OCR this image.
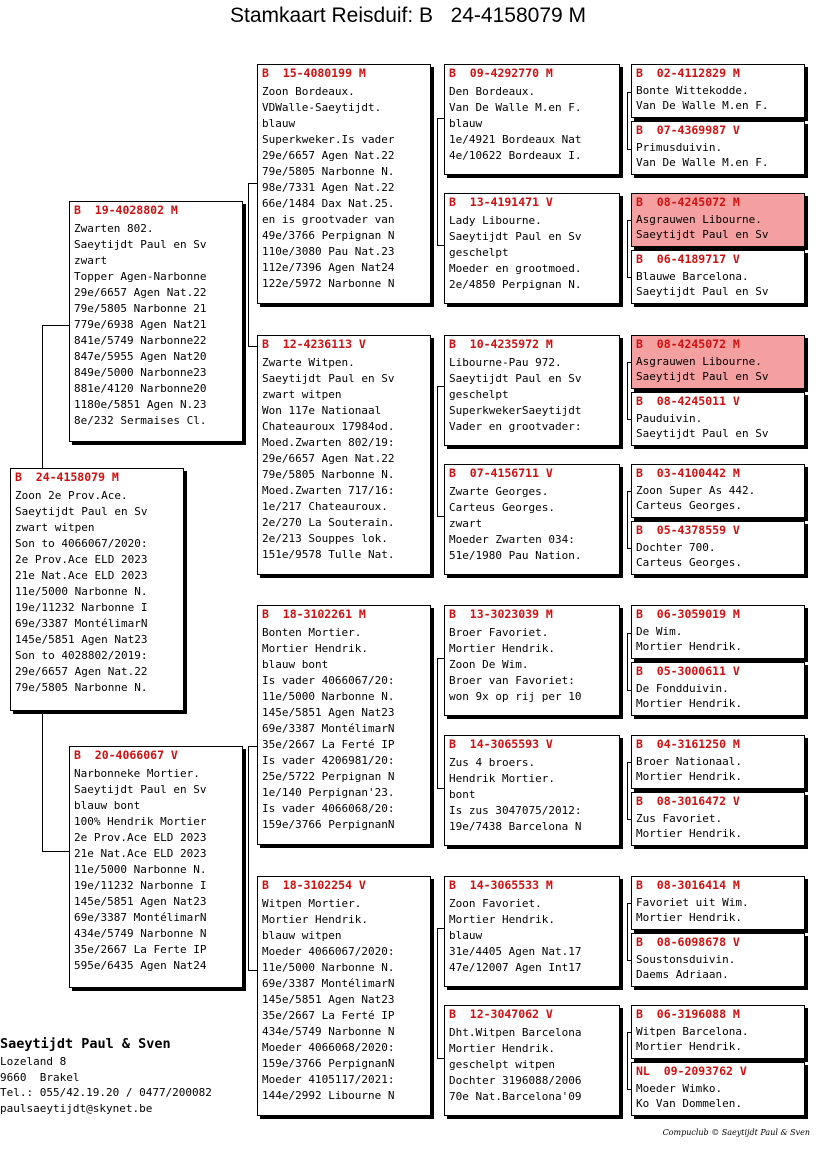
Stamkaart Reisduif: B   24-4158079 M
B  24-4158079 M
Zoon 2e Prov.Ace.
Saeytijdt Paul en Sv
zwart witpen
Son to 4066067/2020:
2e Prov.Ace ELD 2023
21e Nat.Ace ELD 2023
11e/5000 Narbonne N.
19e/11232 Narbonne I
69e/3387 MontélimarN
145e/5851 Agen Nat23
Son to 4028802/2019:
29e/6657 Agen Nat.22
79e/5805 Narbonne N.
B  19-4028802 M
Zwarten 802.
Saeytijdt Paul en Sv
zwart
Topper Agen-Narbonne
29e/6657 Agen Nat.22
79e/5805 Narbonne 21
779e/6938 Agen Nat21
841e/5749 Narbonne22
847e/5955 Agen Nat20
849e/5000 Narbonne23
881e/4120 Narbonne20
1180e/5851 Agen N.23
8e/232 Sermaises Cl.
B  20-4066067 V
Narbonneke Mortier.
Saeytijdt Paul en Sv
blauw bont
100% Hendrik Mortier
2e Prov.Ace ELD 2023
21e Nat.Ace ELD 2023
11e/5000 Narbonne N.
19e/11232 Narbonne I
145e/5851 Agen Nat23
69e/3387 MontélimarN
434e/5749 Narbonne N
35e/2667 La Ferte IP
595e/6435 Agen Nat24
B  15-4080199 M
Zoon Bordeaux.
VDWalle-Saeytijdt.
blauw
Superkweker.Is vader
29e/6657 Agen Nat.22
79e/5805 Narbonne N.
98e/7331 Agen Nat.22
66e/1484 Dax Nat.25.
en is grootvader van
49e/3766 Perpignan N
110e/3080 Pau Nat.23
112e/7396 Agen Nat24
122e/5972 Narbonne N
B  12-4236113 V
Zwarte Witpen.
Saeytijdt Paul en Sv
zwart witpen
Won 117e Nationaal
Chateauroux 17984od.
Moed.Zwarten 802/19:
29e/6657 Agen Nat.22
79e/5805 Narbonne N.
Moed.Zwarten 717/16:
1e/217 Chateauroux.
2e/270 La Souterain.
2e/213 Souppes lok.
151e/9578 Tulle Nat.
B  18-3102261 M
Bonten Mortier.
Mortier Hendrik.
blauw bont
Is vader 4066067/20:
11e/5000 Narbonne N.
145e/5851 Agen Nat23
69e/3387 MontélimarN
35e/2667 La Ferté IP
Is vader 4206981/20:
25e/5722 Perpignan N
1e/140 Perpignan'23.
Is vader 4066068/20:
159e/3766 PerpignanN
B  18-3102254 V
Witpen Mortier.
Mortier Hendrik.
blauw witpen
Moeder 4066067/2020:
11e/5000 Narbonne N.
69e/3387 MontélimarN
145e/5851 Agen Nat23
35e/2667 La Ferté IP
434e/5749 Narbonne N
Moeder 4066068/2020:
159e/3766 PerpignanN
Moeder 4105117/2021:
144e/2992 Libourne N
B  09-4292770 M
Den Bordeaux.
Van De Walle M.en F.
blauw
1e/4921 Bordeaux Nat
4e/10622 Bordeaux I.
B  13-4191471 V
Lady Libourne.
Saeytijdt Paul en Sv
geschelpt
Moeder en grootmoed.
2e/4850 Perpignan N.
B  10-4235972 M
Libourne-Pau 972.
Saeytijdt Paul en Sv
geschelpt
SuperkwekerSaeytijdt
Vader en grootvader:
B  07-4156711 V
Zwarte Georges.
Carteus Georges.
zwart
Moeder Zwarten 034:
51e/1980 Pau Nation.
B  13-3023039 M
Broer Favoriet.
Mortier Hendrik.
Zoon De Wim.
Broer van Favoriet:
won 9x op rij per 10
B  14-3065593 V
Zus 4 broers.
Hendrik Mortier.
bont
Is zus 3047075/2012:
19e/7438 Barcelona N
B  14-3065533 M
Zoon Favoriet.
Mortier Hendrik.
blauw
31e/4405 Agen Nat.17
47e/12007 Agen Int17
B  12-3047062 V
Dht.Witpen Barcelona
Mortier Hendrik.
geschelpt witpen
Dochter 3196088/2006
70e Nat.Barcelona'09
B  02-4112829 M
Bonte Wittekodde.
Van De Walle M.en F.
B  07-4369987 V
Primusduivin.
Van De Walle M.en F.
B  08-4245072 M
Asgrauwen Libourne.
Saeytijdt Paul en Sv
B  06-4189717 V
Blauwe Barcelona.
Saeytijdt Paul en Sv
B  08-4245072 M
Asgrauwen Libourne.
Saeytijdt Paul en Sv
B  08-4245011 V
Pauduivin.
Saeytijdt Paul en Sv
B  03-4100442 M
Zoon Super As 442.
Carteus Georges.
B  05-4378559 V
Dochter 700.
Carteus Georges.
B  06-3059019 M
De Wim.
Mortier Hendrik.
B  05-3000611 V
De Fondduivin.
Mortier Hendrik.
B  04-3161250 M
Broer Nationaal.
Mortier Hendrik.
B  08-3016472 V
Zus Favoriet.
Mortier Hendrik.
B  08-3016414 M
Favoriet uit Wim.
Mortier Hendrik.
B  08-6098678 V
Soustonsduivin.
Daems Adriaan.
B  06-3196088 M
Witpen Barcelona.
Mortier Hendrik.
NL  09-2093762 V
Moeder Wimko.
Ko Van Dommelen.
Saeytijdt Paul & Sven
Lozeland 8
9660  Brakel
Tel.: 055/42.19.20 / 0477/200082
paulsaeytijdt@skynet.be
Compuclub © Saeytijdt Paul & Sven
